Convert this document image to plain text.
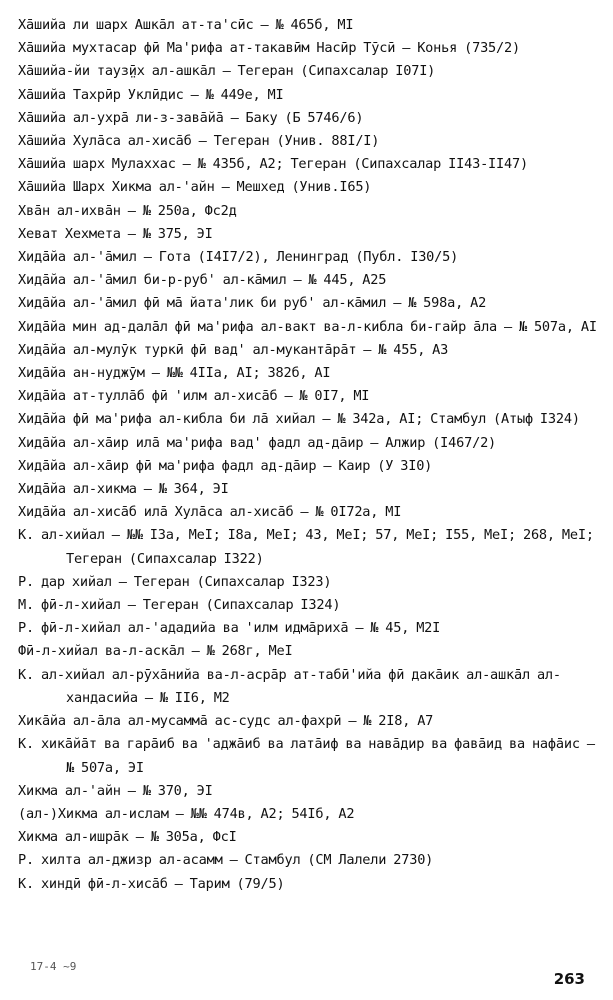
Ха̄шийа ли шарх Ашка̄л ат-та'сӣс – № 465б, MI
Ха̄шийа мухтасар фӣ Ма'рифа ат-такавӣм Насӣр Тӯсӣ – Конья (735/2)
Ха̄шийа-йи тауз̤ӣх ал-ашка̄л – Тегеран (Сипахсалар I07I)
Ха̄шийа Тахрӣр Уклӣдис – № 449е, MI
Ха̄шийа ал-ухра̄ ли-з-зава̄йа̄ – Баку (Б 5746/6)
Ха̄шийа Хула̄са ал-хиса̄б – Тегеран (Унив. 88I/I)
Ха̄шийа шарх Мулаххас – № 435б, А2; Тегеран (Сипахсалар II43-II47)
Ха̄шийа Шарх Хикма ал-'айн – Мешхед (Унив.I65)
Хва̄н ал-ихва̄н – № 250а, Фс2д
Хеват Хехмета – № 375, ЭI
Хида̄йа ал-'а̄мил – Гота (I4I7/2), Ленинград (Публ. I30/5)
Хида̄йа ал-'а̄мил би-р-руб' ал-ка̄мил – № 445, А25
Хида̄йа ал-'а̄мил фӣ ма̄ йата'лик би руб' ал-ка̄мил – № 598а, А2
Хида̄йа мин ад-дала̄л фӣ ма'рифа ал-вакт ва-л-кибла би-гайр а̄ла – № 507а, АI
Хида̄йа ал-мулӯк туркӣ фӣ вад' ал-муканта̄ра̄т – № 455, А3
Хида̄йа ан-нуджӯм – №№ 4IIа, АI; 382б, АI
Хида̄йа ат-тулла̄б фӣ 'илм ал-хиса̄б – № 0I7, MI
Хида̄йа фӣ ма'рифа ал-кибла би ла̄ хийал – № 342а, АI; Стамбул (Атыф I324)
Хида̄йа ал-ха̄ир ила̄ ма'рифа вад' фадл ад-да̄ир – Алжир (I467/2)
Хида̄йа ал-ха̄ир фӣ ма'рифа фадл ад-да̄ир – Каир (У 3I0)
Хида̄йа ал-хикма – № 364, ЭI
Хида̄йа ал-хиса̄б ила̄ Хула̄са ал-хиса̄б – № 0I72а, MI
К. ал-хийал – №№ I3а, MeI; I8а, MeI; 43, MeI; 57, MeI; I55, MeI; 268, MeI; Тегеран (Сипахсалар I322)
Р. дар хийал – Тегеран (Сипахсалар I323)
М. фӣ-л-хийал – Тегеран (Сипахсалар I324)
Р. фӣ-л-хийал ал-'ададийа ва 'илм идма̄риха̄ – № 45, M2I
Фӣ-л-хийал ва-л-аска̄л – № 268г, MeI
К. ал-хийал ал-рӯха̄нийа ва-л-асра̄р ат-табӣ'ийа фӣ дака̄ик ал-ашка̄л ал-хандасийа – № II6, M2
Хика̄йа ал-а̄ла ал-мусамма̄ ас-судс ал-фахрӣ – № 2I8, А7
К. хика̄йа̄т ва гара̄иб ва 'аджа̄иб ва лата̄иф ва нава̄дир ва фава̄ид ва нафа̄ис – № 507а, ЭI
Хикма ал-'айн – № 370, ЭI
(ал-)Хикма ал-ислам – №№ 474в, А2; 54Iб, А2
Хикма ал-ишра̄к – № 305а, ФсI
Р. хилта ал-джизр ал-асамм – Стамбул (СМ Лалели 2730)
К. хиндӣ фӣ-л-хиса̄б – Тарим (79/5)
17-4 ~9
263
